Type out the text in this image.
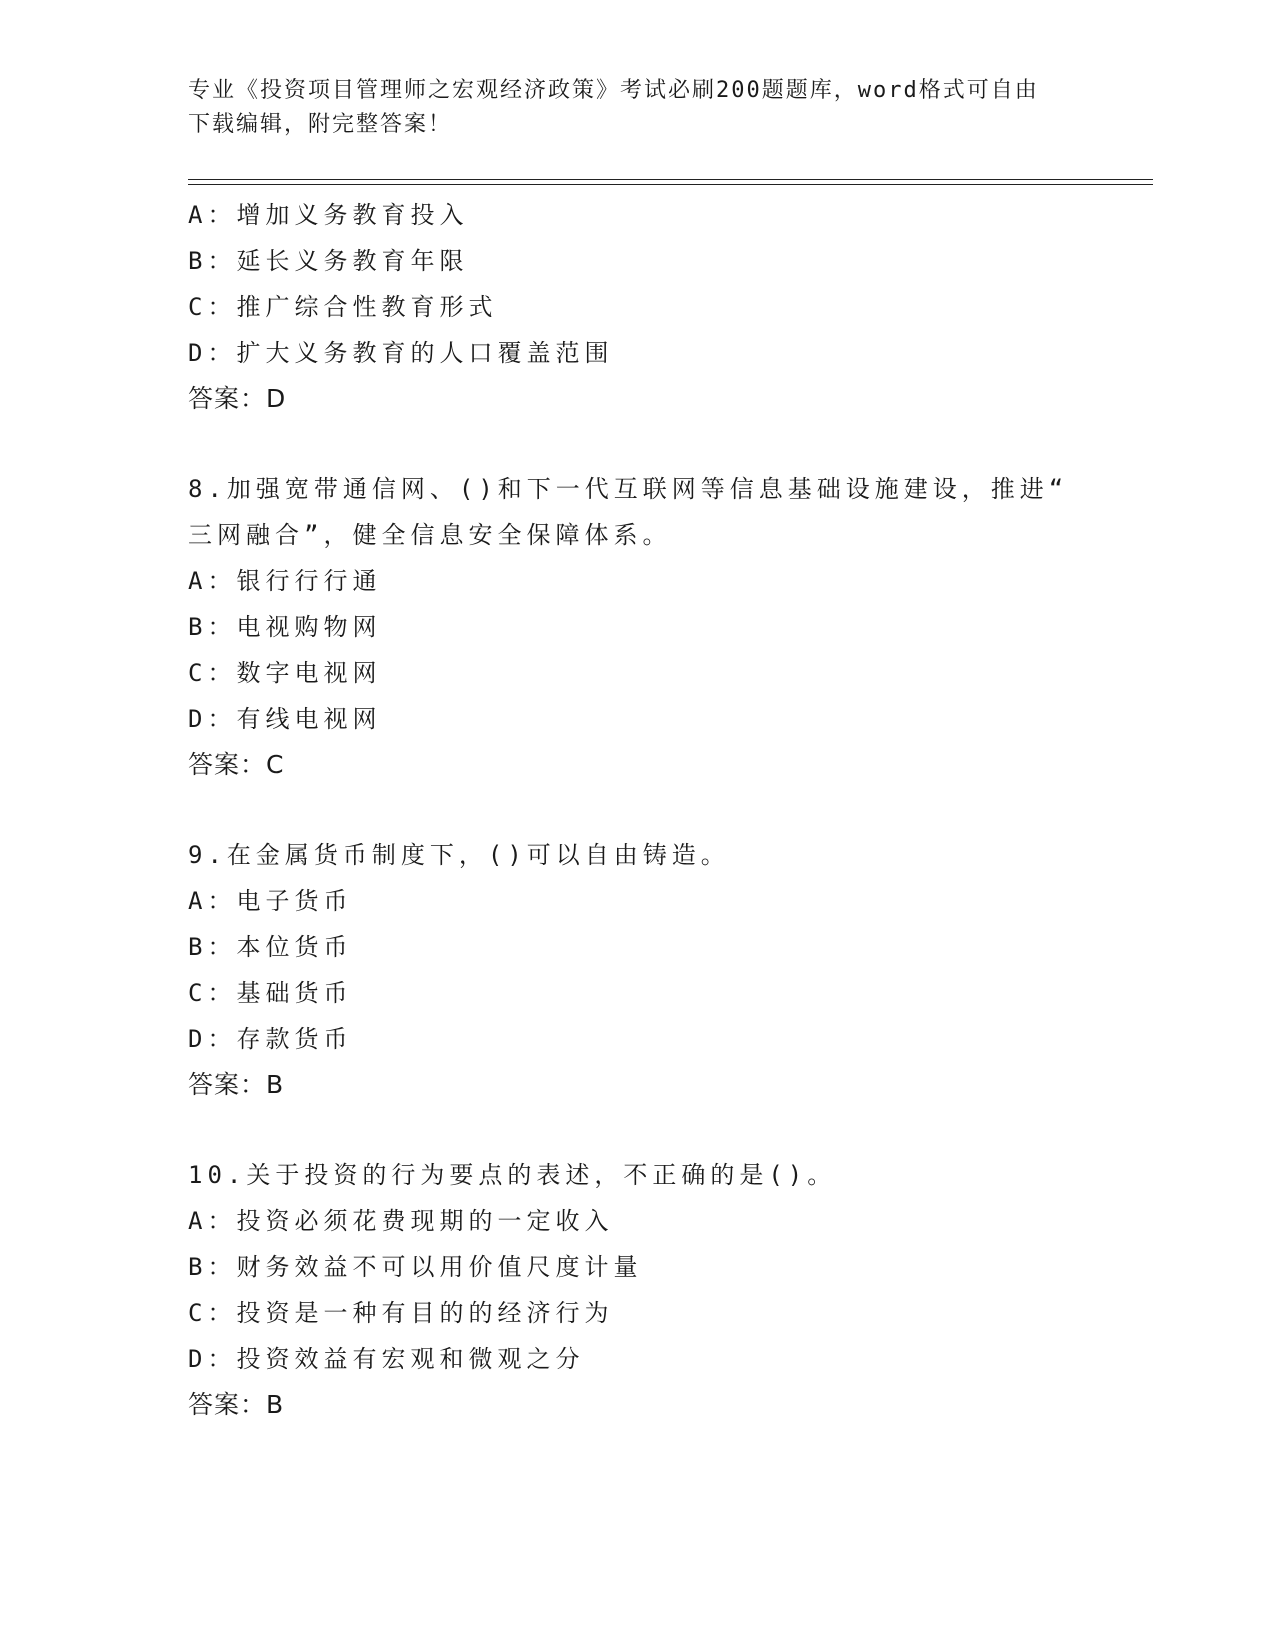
专业《投资项目管理师之宏观经济政策》考试必刷200题题库，word格式可自由
下载编辑，附完整答案！
A：增加义务教育投入
B：延长义务教育年限
C：推广综合性教育形式
D：扩大义务教育的人口覆盖范围
答案：D
8.加强宽带通信网、()和下一代互联网等信息基础设施建设，推进“
三网融合”，健全信息安全保障体系。
A：银行行行通
B：电视购物网
C：数字电视网
D：有线电视网
答案：C
9.在金属货币制度下，()可以自由铸造。
A：电子货币
B：本位货币
C：基础货币
D：存款货币
答案：B
10.关于投资的行为要点的表述，不正确的是()。
A：投资必须花费现期的一定收入
B：财务效益不可以用价值尺度计量
C：投资是一种有目的的经济行为
D：投资效益有宏观和微观之分
答案：B
